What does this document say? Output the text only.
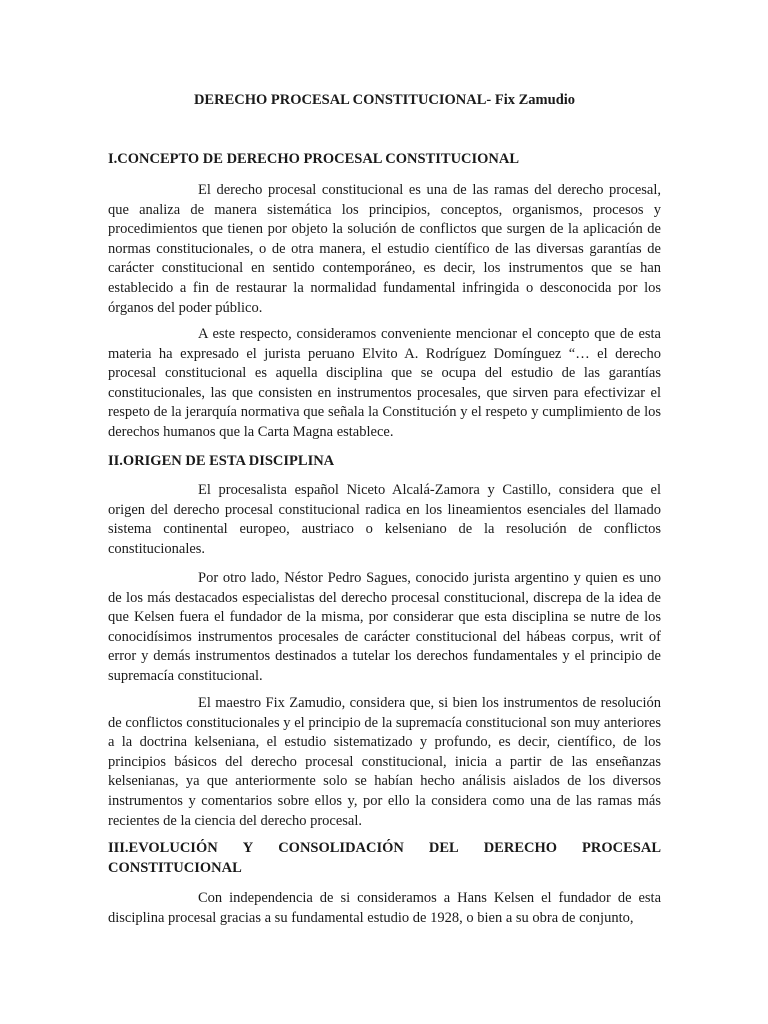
DERECHO PROCESAL CONSTITUCIONAL- Fix Zamudio
I.CONCEPTO DE DERECHO PROCESAL CONSTITUCIONAL

El derecho procesal constitucional es una de las ramas del derecho procesal, que analiza de manera sistemática los principios, conceptos, organismos, procesos y procedimientos que tienen por objeto la solución de conflictos que surgen de la aplicación de normas constitucionales, o de otra manera, el estudio científico de las diversas garantías de carácter constitucional en sentido contemporáneo, es decir, los instrumentos que se han establecido a fin de restaurar la normalidad fundamental infringida o desconocida por los órganos del poder público.

A este respecto, consideramos conveniente mencionar el concepto que de esta materia ha expresado el jurista peruano Elvito A. Rodríguez Domínguez “… el derecho procesal constitucional es aquella disciplina que se ocupa del estudio de las garantías constitucionales, las que consisten en instrumentos procesales, que sirven para efectivizar el respeto de la jerarquía normativa que señala la Constitución y el respeto y cumplimiento de los derechos humanos que la Carta Magna establece.

II.ORIGEN DE ESTA DISCIPLINA

El procesalista español Niceto Alcalá-Zamora y Castillo, considera que el origen del derecho procesal constitucional radica en los lineamientos esenciales del llamado sistema continental europeo, austriaco o kelseniano de la resolución de conflictos constitucionales.

Por otro lado, Néstor Pedro Sagues, conocido jurista argentino y quien es uno de los más destacados especialistas del derecho procesal constitucional, discrepa de la idea de que Kelsen fuera el fundador de la misma, por considerar que esta disciplina se nutre de los conocidísimos instrumentos procesales de carácter constitucional del hábeas corpus, writ of error y demás instrumentos destinados a tutelar los derechos fundamentales y el principio de supremacía constitucional.

El maestro Fix Zamudio, considera que, si bien los instrumentos de resolución de conflictos constitucionales y el principio de la supremacía constitucional son muy anteriores a la doctrina kelseniana, el estudio sistematizado y profundo, es decir, científico, de los principios básicos del derecho procesal constitucional, inicia a partir de las enseñanzas kelsenianas, ya que anteriormente solo se habían hecho análisis aislados de los diversos instrumentos y comentarios sobre ellos y, por ello la considera como una de las ramas más recientes de la ciencia del derecho procesal.

III.EVOLUCIÓN Y CONSOLIDACIÓN DEL DERECHO PROCESAL
CONSTITUCIONAL

Con independencia de si consideramos a Hans Kelsen el fundador de esta disciplina procesal gracias a su fundamental estudio de 1928, o bien a su obra de conjunto,
